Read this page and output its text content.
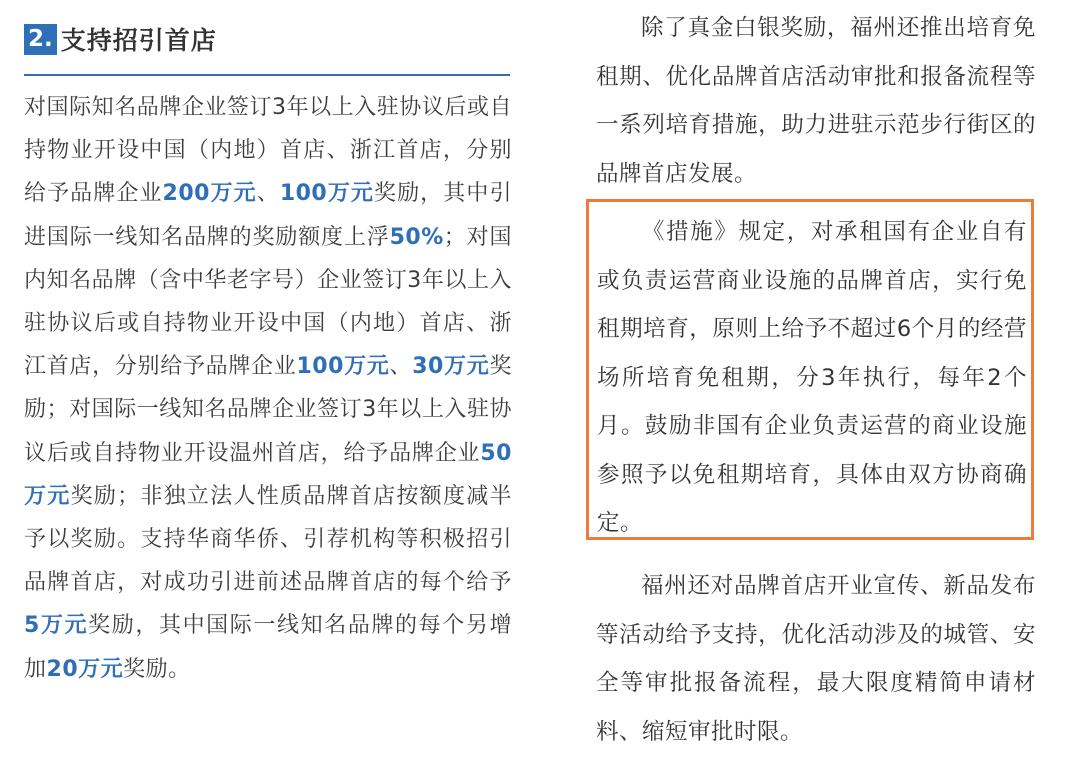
2. 支持招引首店

对国际知名品牌企业签订3年以上入驻协议后或自持物业开设中国（内地）首店、浙江首店，分别给予品牌企业200万元、100万元奖励，其中引进国际一线知名品牌的奖励额度上浮50%；对国内知名品牌（含中华老字号）企业签订3年以上入驻协议后或自持物业开设中国（内地）首店、浙江首店，分别给予品牌企业100万元、30万元奖励；对国际一线知名品牌企业签订3年以上入驻协议后或自持物业开设温州首店，给予品牌企业50万元奖励；非独立法人性质品牌首店按额度减半予以奖励。支持华商华侨、引荐机构等积极招引品牌首店，对成功引进前述品牌首店的每个给予5万元奖励，其中国际一线知名品牌的每个另增加20万元奖励。

除了真金白银奖励，福州还推出培育免租期、优化品牌首店活动审批和报备流程等一系列培育措施，助力进驻示范步行街区的品牌首店发展。

福州还对品牌首店开业宣传、新品发布等活动给予支持，优化活动涉及的城管、安全等审批报备流程，最大限度精简申请材料、缩短审批时限。

《措施》规定，对承租国有企业自有或负责运营商业设施的品牌首店，实行免租期培育，原则上给予不超过6个月的经营场所培育免租期，分3年执行，每年2个月。鼓励非国有企业负责运营的商业设施参照予以免租期培育，具体由双方协商确定。
